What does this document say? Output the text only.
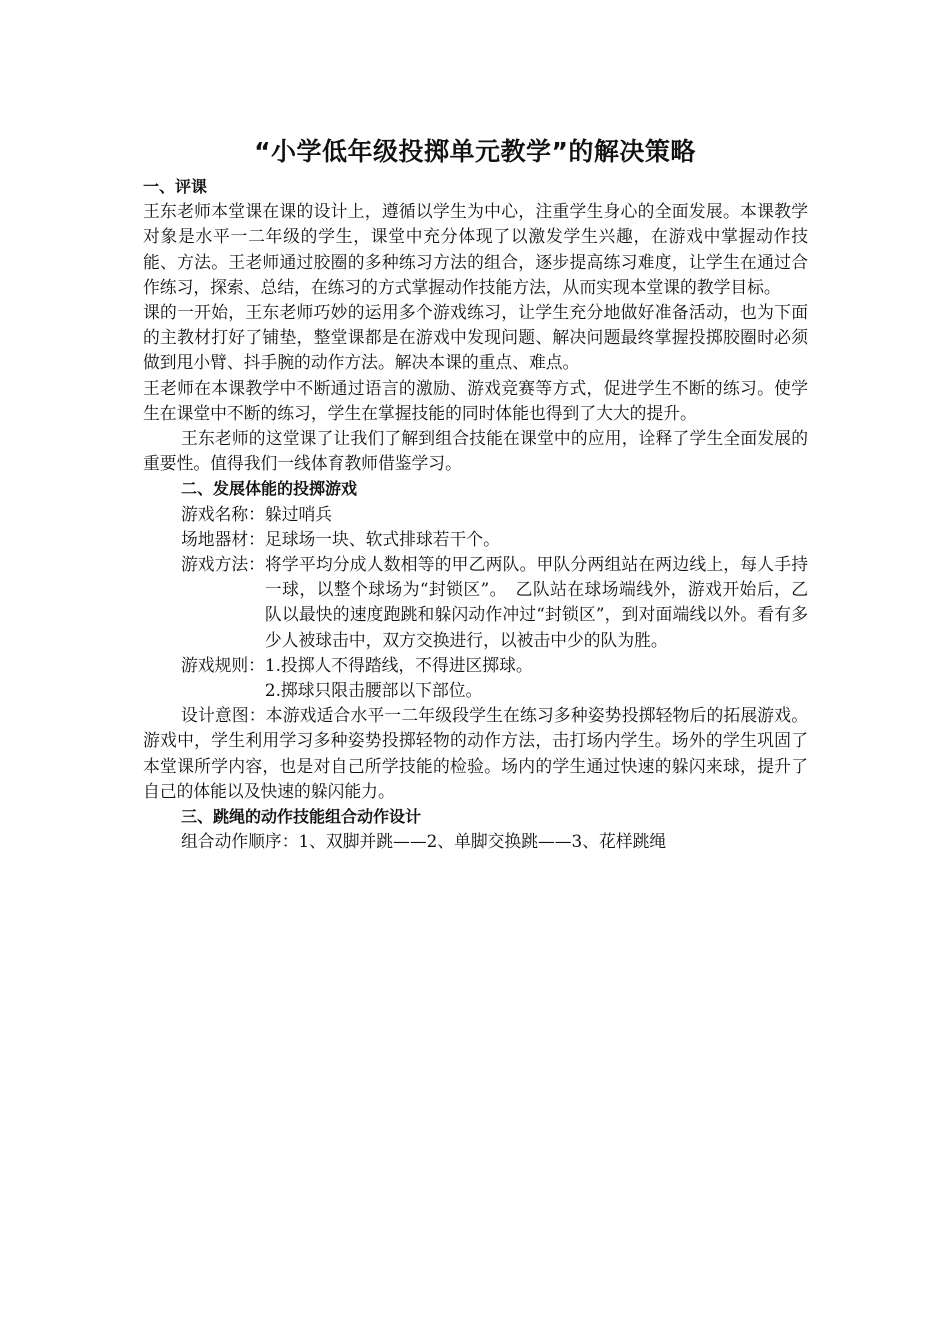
“小学低年级投掷单元教学”的解决策略

一、评课

王东老师本堂课在课的设计上，遵循以学生为中心，注重学生身心的全面发展。本课教学对象是水平一二年级的学生，课堂中充分体现了以激发学生兴趣，在游戏中掌握动作技能、方法。王老师通过胶圈的多种练习方法的组合，逐步提高练习难度，让学生在通过合作练习，探索、总结，在练习的方式掌握动作技能方法，从而实现本堂课的教学目标。

课的一开始，王东老师巧妙的运用多个游戏练习，让学生充分地做好准备活动，也为下面的主教材打好了铺垫，整堂课都是在游戏中发现问题、解决问题最终掌握投掷胶圈时必须做到甩小臂、抖手腕的动作方法。解决本课的重点、难点。

王老师在本课教学中不断通过语言的激励、游戏竞赛等方式，促进学生不断的练习。使学生在课堂中不断的练习，学生在掌握技能的同时体能也得到了大大的提升。

王东老师的这堂课了让我们了解到组合技能在课堂中的应用，诠释了学生全面发展的重要性。值得我们一线体育教师借鉴学习。

二、发展体能的投掷游戏

游戏名称： 躲过哨兵
场地器材： 足球场一块、软式排球若干个。
游戏方法： 将学平均分成人数相等的甲乙两队。甲队分两组站在两边线上，每人手持一球，以整个球场为“封锁区”。　乙队站在球场端线外，游戏开始后，乙队以最快的速度跑跳和躲闪动作冲过“封锁区”，到对面端线以外。看有多少人被球击中，双方交换进行，以被击中少的队为胜。
游戏规则： 1.投掷人不得踏线，不得进区掷球。
2.掷球只限击腰部以下部位。

设计意图：本游戏适合水平一二年级段学生在练习多种姿势投掷轻物后的拓展游戏。游戏中，学生利用学习多种姿势投掷轻物的动作方法，击打场内学生。场外的学生巩固了本堂课所学内容，也是对自己所学技能的检验。场内的学生通过快速的躲闪来球，提升了自己的体能以及快速的躲闪能力。

三、跳绳的动作技能组合动作设计

组合动作顺序：1、双脚并跳——2、单脚交换跳——3、花样跳绳
